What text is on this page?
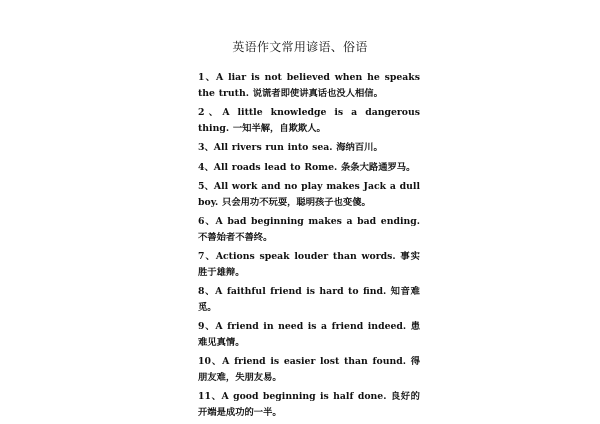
英语作文常用谚语、俗语
1、A liar is not believed when he speaks the truth. 说谎者即使讲真话也没人相信。
2、A little knowledge is a dangerous thing. 一知半解，自欺欺人。
3、All rivers run into sea. 海纳百川。
4、All roads lead to Rome. 条条大路通罗马。
5、All work and no play makes Jack a dull boy. 只会用功不玩耍，聪明孩子也变傻。
6、A bad beginning makes a bad ending. 不善始者不善终。
7、Actions speak louder than words. 事实胜于雄辩。
8、A faithful friend is hard to find. 知音难觅。
9、A friend in need is a friend indeed. 患难见真情。
10、A friend is easier lost than found. 得朋友难，失朋友易。
11、A good beginning is half done. 良好的开端是成功的一半。
